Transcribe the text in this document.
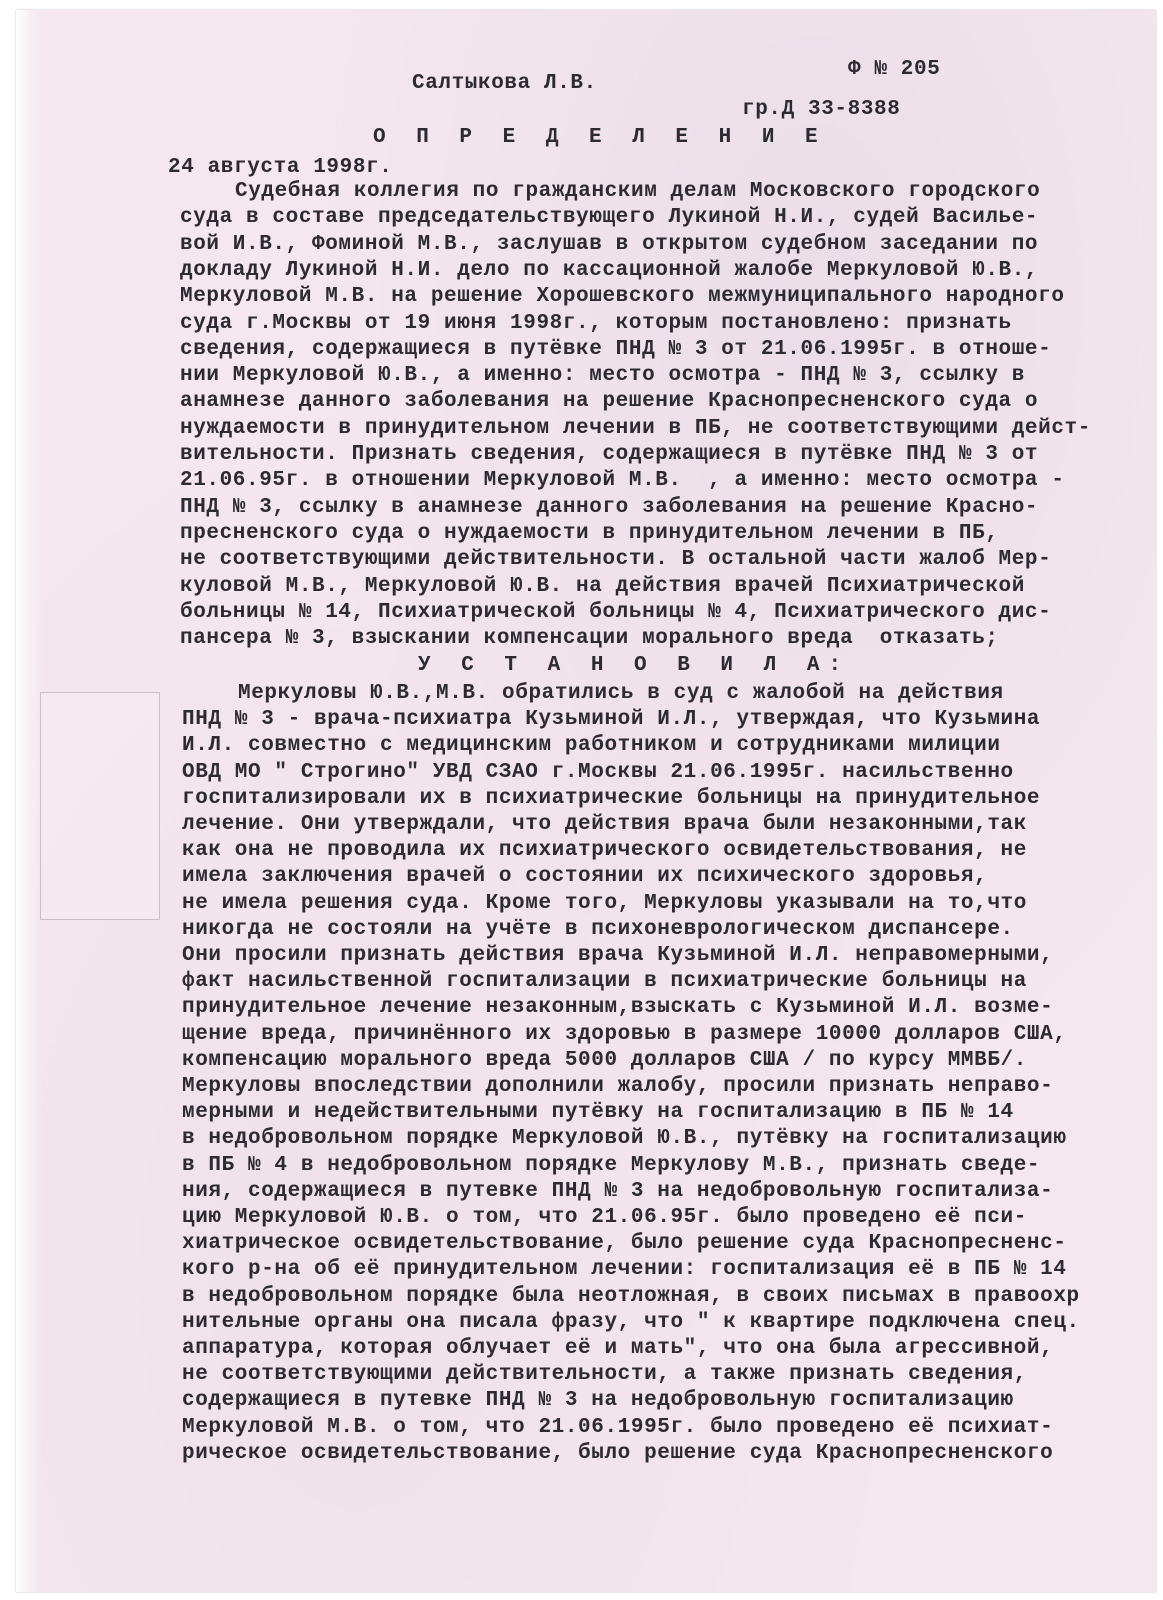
Салтыкова Л.В.
Ф № 205
гр.Д 33-8388
О П Р Е Д Е Л Е Н И Е
24 августа 1998г.
Судебная коллегия по гражданским делам Московского городского
суда в составе председательствующего Лукиной Н.И., судей Василье-
вой И.В., Фоминой М.В., заслушав в открытом судебном заседании по
докладу Лукиной Н.И. дело по кассационной жалобе Меркуловой Ю.В.,
Меркуловой М.В. на решение Хорошевского межмуниципального народного
суда г.Москвы от 19 июня 1998г., которым постановлено: признать
сведения, содержащиеся в путёвке ПНД № 3 от 21.06.1995г. в отноше-
нии Меркуловой Ю.В., а именно: место осмотра - ПНД № 3, ссылку в
анамнезе данного заболевания на решение Краснопресненского суда о
нуждаемости в принудительном лечении в ПБ, не соответствующими дейст-
вительности. Признать сведения, содержащиеся в путёвке ПНД № 3 от
21.06.95г. в отношении Меркуловой М.В.  , а именно: место осмотра -
ПНД № 3, ссылку в анамнезе данного заболевания на решение Красно-
пресненского суда о нуждаемости в принудительном лечении в ПБ,
не соответствующими действительности. В остальной части жалоб Мер-
куловой М.В., Меркуловой Ю.В. на действия врачей Психиатрической
больницы № 14, Психиатрической больницы № 4, Психиатрического дис-
пансера № 3, взыскании компенсации морального вреда  отказать;
У С Т А Н О В И Л А:
Меркуловы Ю.В.,М.В. обратились в суд с жалобой на действия
ПНД № 3 - врача-психиатра Кузьминой И.Л., утверждая, что Кузьмина
И.Л. совместно с медицинским работником и сотрудниками милиции
ОВД МО " Строгино" УВД СЗАО г.Москвы 21.06.1995г. насильственно
госпитализировали их в психиатрические больницы на принудительное
лечение. Они утверждали, что действия врача были незаконными,так
как она не проводила их психиатрического освидетельствования, не
имела заключения врачей о состоянии их психического здоровья,
не имела решения суда. Кроме того, Меркуловы указывали на то,что
никогда не состояли на учёте в психоневрологическом диспансере.
Они просили признать действия врача Кузьминой И.Л. неправомерными,
факт насильственной госпитализации в психиатрические больницы на
принудительное лечение незаконным,взыскать с Кузьминой И.Л. возме-
щение вреда, причинённого их здоровью в размере 10000 долларов США,
компенсацию морального вреда 5000 долларов США / по курсу ММВБ/.
Меркуловы впоследствии дополнили жалобу, просили признать неправо-
мерными и недействительными путёвку на госпитализацию в ПБ № 14
в недобровольном порядке Меркуловой Ю.В., путёвку на госпитализацию
в ПБ № 4 в недобровольном порядке Меркулову М.В., признать сведе-
ния, содержащиеся в путевке ПНД № 3 на недобровольную госпитализа-
цию Меркуловой Ю.В. о том, что 21.06.95г. было проведено её пси-
хиатрическое освидетельствование, было решение суда Краснопресненс-
кого р-на об её принудительном лечении: госпитализация её в ПБ № 14
в недобровольном порядке была неотложная, в своих письмах в правоохр
нительные органы она писала фразу, что " к квартире подключена спец.
аппаратура, которая облучает её и мать", что она была агрессивной,
не соответствующими действительности, а также признать сведения,
содержащиеся в путевке ПНД № 3 на недобровольную госпитализацию
Меркуловой М.В. о том, что 21.06.1995г. было проведено её психиат-
рическое освидетельствование, было решение суда Краснопресненского
